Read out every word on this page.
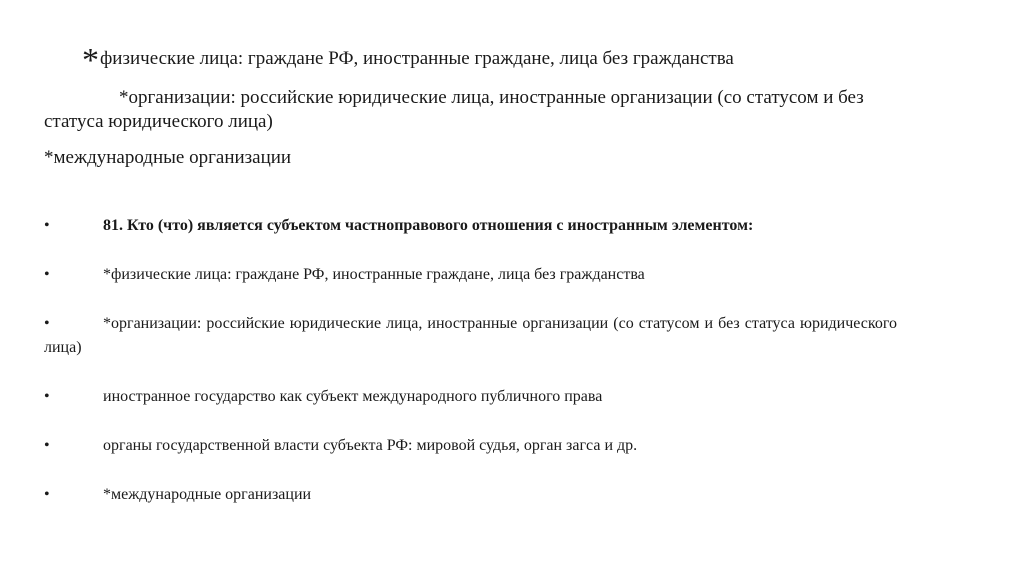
*физические лица: граждане РФ, иностранные граждане, лица без гражданства
*организации: российские юридические лица, иностранные организации (со статусом и без статуса юридического лица)
*международные организации

•	81. Кто (что) является субъектом частноправового отношения с иностранным элементом:

•	*физические лица: граждане РФ, иностранные граждане, лица без гражданства

•	*организации: российские юридические лица, иностранные организации (со статусом и без статуса юридического лица)

•	иностранное государство как субъект международного публичного права

•	органы государственной власти субъекта РФ: мировой судья, орган загса и др.

•	*международные организации
